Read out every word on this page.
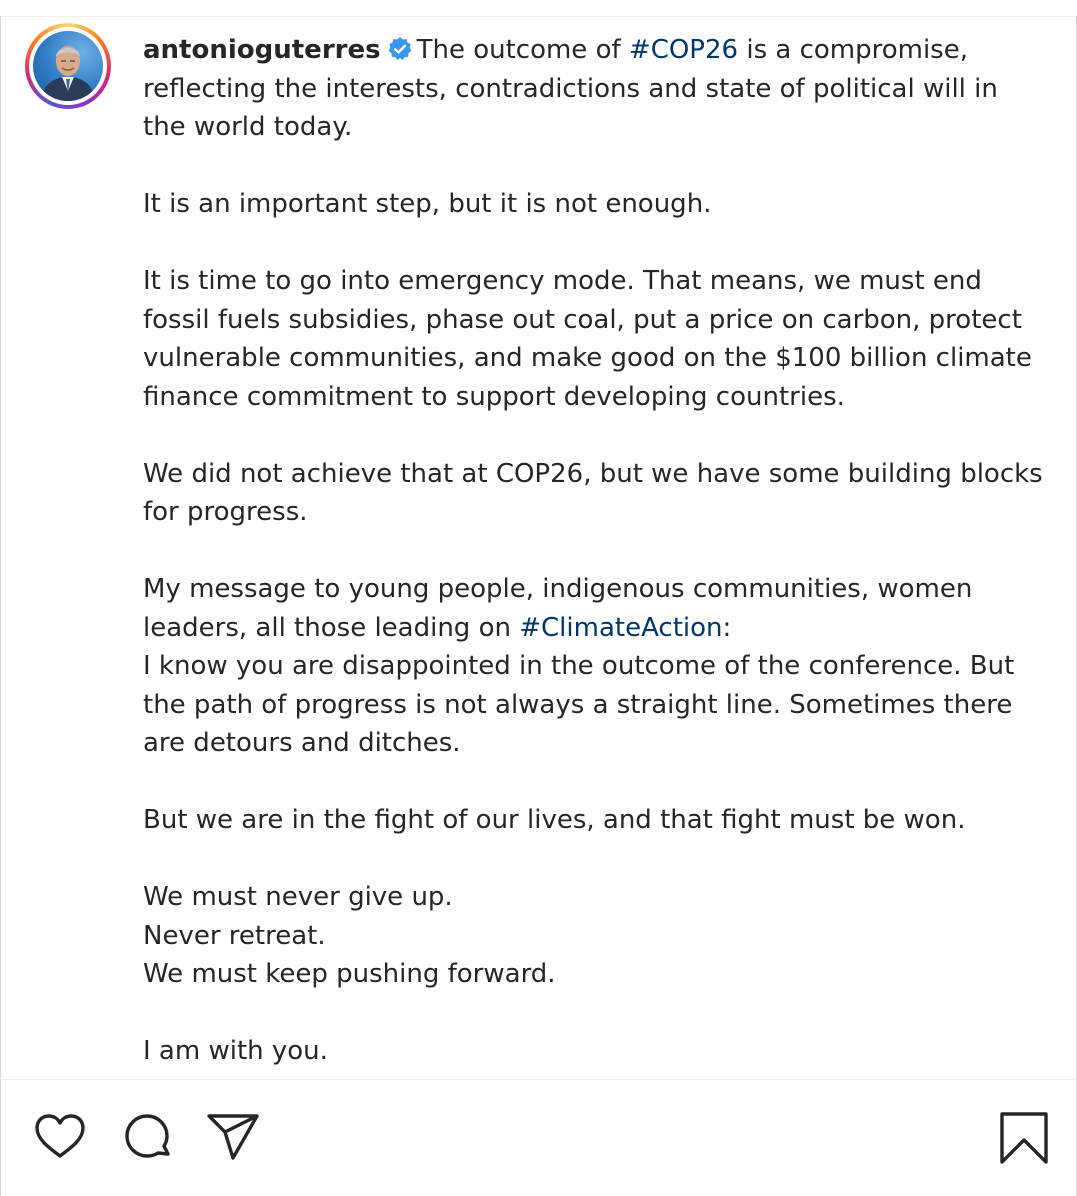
antonioguterres The outcome of #COP26 is a compromise, reflecting the interests, contradictions and state of political will in the world today.

It is an important step, but it is not enough.

It is time to go into emergency mode. That means, we must end fossil fuels subsidies, phase out coal, put a price on carbon, protect vulnerable communities, and make good on the $100 billion climate finance commitment to support developing countries.

We did not achieve that at COP26, but we have some building blocks for progress.

My message to young people, indigenous communities, women leaders, all those leading on #ClimateAction:

I know you are disappointed in the outcome of the conference. But the path of progress is not always a straight line. Sometimes there are detours and ditches.

But we are in the fight of our lives, and that fight must be won.

We must never give up.

Never retreat.

We must keep pushing forward.

I am with you.
